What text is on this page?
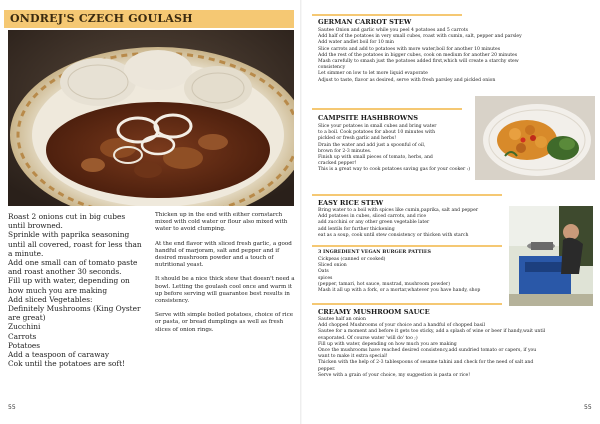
ONDREJ'S CZECH GOULASH
Roast 2 onions cut in big cubes
until browned.
Sprinkle with paprika seasoning
until all covered, roast for less than
a minute.
Add one small can of tomato paste
and roast another 30 seconds.
Fill up with water, depending on
how much you are making
Add sliced Vegetables:
Definitely Mushrooms (King Oyster
are great)
Zucchini
Carrots
Potatoes
Add a teaspoon of caraway
Cok until the potatoes are soft!

Thicken up in the end with either cornstarch mixed with cold water or flour also mixed with water to avoid clumping.

At the end flavor with sliced fresh garlic, a good handful of marjoram, salt and pepper and if desired mushroom powder and a touch of nutritional yeast.

It should be a nice thick stew that doesn't need a bowl. Letting the goulash cool once and warm it up before serving will guarantee best results in consistency.

Serve with simple boiled potatoes, choice of rice or pasta, or bread dumplings as well as fresh slices of onion rings.

55
GERMAN CARROT STEW
Sautee Onion and garlic while you peel 4 potatoes and 5 carrots
Add half of the potatoes in very small cubes, roast with cumin, salt, pepper and parsley
Add water andlet boil for 10 min
Slice carrots and add to potatoes with more water,boil for another 10 minutes
Add the rest of the potatoes in bigger cubes, cook on medium for another 20 minutes
Mash carefully to smash just the potatoes added first,which will create a starchy stew
consistency
Let simmer on low to let more liquid evaporate
Adjust to taste, flavor as desired, serve with fresh parsley and pickled onion
CAMPSITE HASHBROWNS
Slice your potatoes in small cubes and bring water
to a boil. Cook potatoes for about 10 minutes with
pickled or fresh garlic and herbs!
Drain the water and add just a spoonful of oil,
brown for 2-3 minutes.
Finish up with small pieces of tomato, herbs, and
cracked pepper!
This is a great way to cook potatoes saving gas for your cooker :)
EASY RICE STEW
Bring water to a boil with spices like cumin,paprika, salt and pepper
Add potatoes in cubes, sliced carrots, and rice
add zucchini or any other green vegetable later
add lentils for further thickening
eat as a soup, cook until stew consistency or thicken with starch
3 INGREDIENT VEGAN BURGER PATTIES
Cickpeas (canned or cooked)
Sliced onion
Oats
spices
(pepper, tamari, hot sauce, mustrad, mushroom powder)
Mash it all up with a fork, or a mortar,whatever you have handy, shop
CREAMY MUSHROOM SAUCE
Sautee half an onion
Add chopped Mushrooms of your choice and a handful of chopped basil
Sautee for a moment and before it gets too sticky, add a splash of wine or beer if handy,wait until
evaporated. Of course water 'will do' too ;)
Fill up with water, depending on how much you are making
Once the mushrooms have reached desired consistency,add sundried tomato or capers, if you
want to make it extra special!
Thicken with the help of 2-3 tablespoons of sesame tahini and check for the need of salt and
pepper.
Serve with a grain of your choice, my suggestion is pasta or rice!
55
